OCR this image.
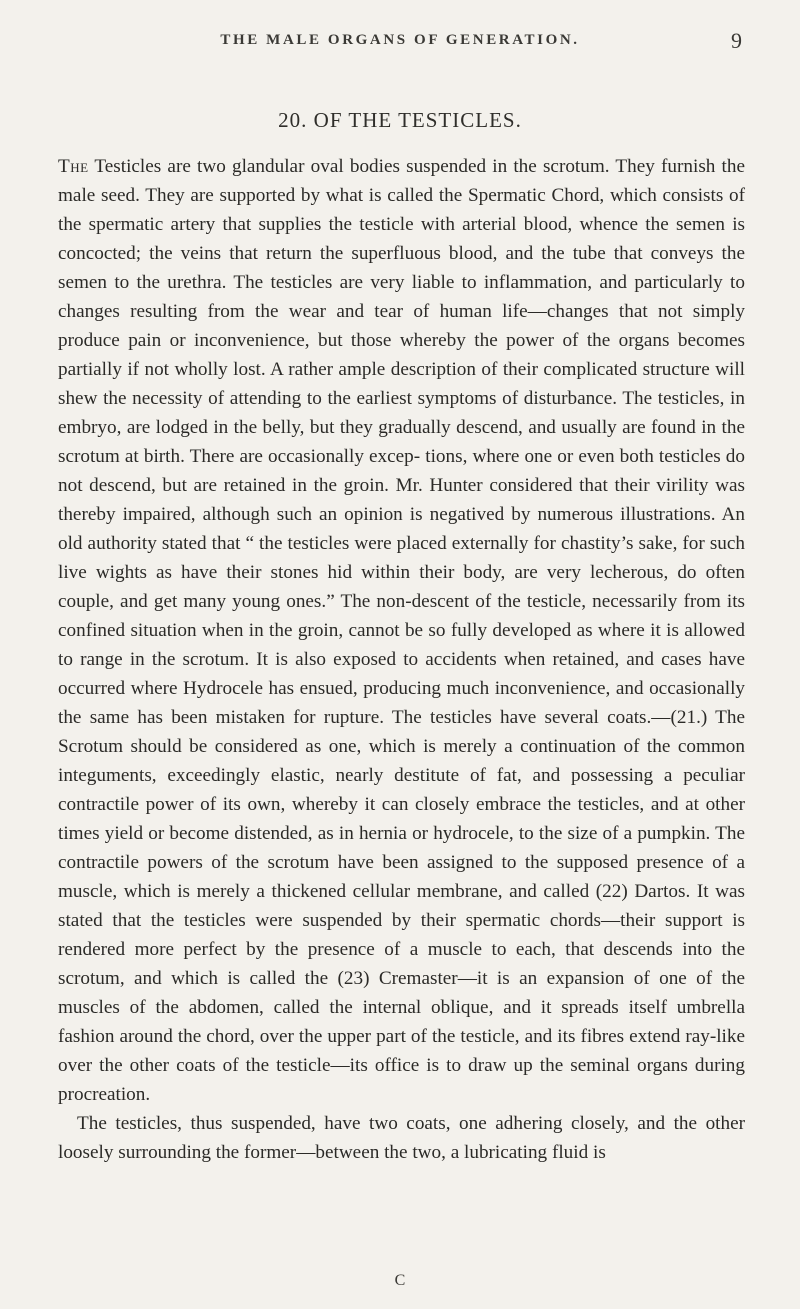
THE MALE ORGANS OF GENERATION.	9
20. OF THE TESTICLES.

The Testicles are two glandular oval bodies suspended in the scrotum. They furnish the male seed. They are supported by what is called the Spermatic Chord, which consists of the spermatic artery that supplies the testicle with arterial blood, whence the semen is concocted; the veins that return the superfluous blood, and the tube that conveys the semen to the urethra. The testicles are very liable to inflammation, and particularly to changes resulting from the wear and tear of human life—changes that not simply produce pain or inconvenience, but those whereby the power of the organs becomes partially if not wholly lost. A rather ample description of their complicated structure will shew the necessity of attending to the earliest symptoms of disturbance. The testicles, in embryo, are lodged in the belly, but they gradually descend, and usually are found in the scrotum at birth. There are occasionally excep- tions, where one or even both testicles do not descend, but are retained in the groin. Mr. Hunter considered that their virility was thereby impaired, although such an opinion is negatived by numerous illustrations. An old authority stated that “ the testicles were placed externally for chastity’s sake, for such live wights as have their stones hid within their body, are very lecherous, do often couple, and get many young ones.” The non-descent of the testicle, necessarily from its confined situation when in the groin, cannot be so fully developed as where it is allowed to range in the scrotum. It is also exposed to accidents when retained, and cases have occurred where Hydrocele has ensued, producing much inconvenience, and occasionally the same has been mistaken for rupture. The testicles have several coats.—(21.) The Scrotum should be considered as one, which is merely a continuation of the common integuments, exceedingly elastic, nearly destitute of fat, and possessing a peculiar contractile power of its own, whereby it can closely embrace the testicles, and at other times yield or become distended, as in hernia or hydrocele, to the size of a pumpkin. The contractile powers of the scrotum have been assigned to the supposed presence of a muscle, which is merely a thickened cellular membrane, and called (22) Dartos. It was stated that the testicles were suspended by their spermatic chords—their support is rendered more perfect by the presence of a muscle to each, that descends into the scrotum, and which is called the (23) Cremaster—it is an expansion of one of the muscles of the abdomen, called the internal oblique, and it spreads itself umbrella fashion around the chord, over the upper part of the testicle, and its fibres extend ray-like over the other coats of the testicle—its office is to draw up the seminal organs during procreation.

The testicles, thus suspended, have two coats, one adhering closely, and the other loosely surrounding the former—between the two, a lubricating fluid is

C
